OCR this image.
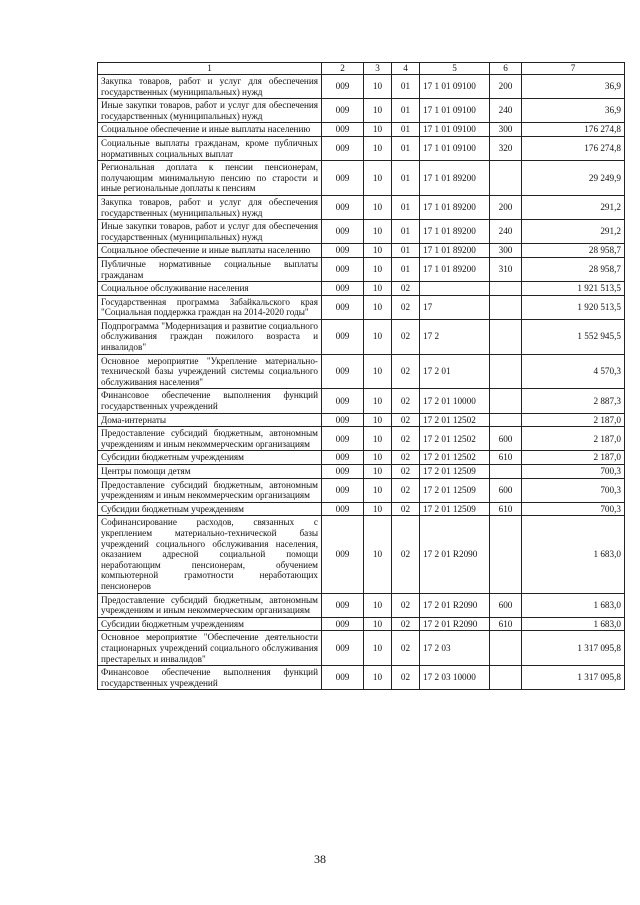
1	2	3	4	5	6	7
Закупка товаров, работ и услуг для обеспечения государственных (муниципальных) нужд	009	10	01	17 1 01 09100	200	36,9
Иные закупки товаров, работ и услуг для обеспечения государственных (муниципальных) нужд	009	10	01	17 1 01 09100	240	36,9
Социальное обеспечение и иные выплаты населению	009	10	01	17 1 01 09100	300	176 274,8
Социальные выплаты гражданам, кроме публичных нормативных социальных выплат	009	10	01	17 1 01 09100	320	176 274,8
Региональная доплата к пенсии пенсионерам, получающим минимальную пенсию по старости и иные региональные доплаты к пенсиям	009	10	01	17 1 01 89200		29 249,9
Закупка товаров, работ и услуг для обеспечения государственных (муниципальных) нужд	009	10	01	17 1 01 89200	200	291,2
Иные закупки товаров, работ и услуг для обеспечения государственных (муниципальных) нужд	009	10	01	17 1 01 89200	240	291,2
Социальное обеспечение и иные выплаты населению	009	10	01	17 1 01 89200	300	28 958,7
Публичные нормативные социальные выплаты гражданам	009	10	01	17 1 01 89200	310	28 958,7
Социальное обслуживание населения	009	10	02			1 921 513,5
Государственная программа Забайкальского края "Социальная поддержка граждан на 2014-2020 годы"	009	10	02	17		1 920 513,5
Подпрограмма "Модернизация и развитие социального обслуживания граждан пожилого возраста и инвалидов"	009	10	02	17 2		1 552 945,5
Основное мероприятие "Укрепление материально-технической базы учреждений системы социального обслуживания населения"	009	10	02	17 2 01		4 570,3
Финансовое обеспечение выполнения функций государственных учреждений	009	10	02	17 2 01 10000		2 887,3
Дома-интернаты	009	10	02	17 2 01 12502		2 187,0
Предоставление субсидий бюджетным, автономным учреждениям и иным некоммерческим организациям	009	10	02	17 2 01 12502	600	2 187,0
Субсидии бюджетным учреждениям	009	10	02	17 2 01 12502	610	2 187,0
Центры помощи детям	009	10	02	17 2 01 12509		700,3
Предоставление субсидий бюджетным, автономным учреждениям и иным некоммерческим организациям	009	10	02	17 2 01 12509	600	700,3
Субсидии бюджетным учреждениям	009	10	02	17 2 01 12509	610	700,3
Софинансирование расходов, связанных с укреплением материально-технической базы учреждений социального обслуживания населения, оказанием адресной социальной помощи неработающим пенсионерам, обучением компьютерной грамотности неработающих пенсионеров	009	10	02	17 2 01 R2090		1 683,0
Предоставление субсидий бюджетным, автономным учреждениям и иным некоммерческим организациям	009	10	02	17 2 01 R2090	600	1 683,0
Субсидии бюджетным учреждениям	009	10	02	17 2 01 R2090	610	1 683,0
Основное мероприятие "Обеспечение деятельности стационарных учреждений социального обслуживания престарелых и инвалидов"	009	10	02	17 2 03		1 317 095,8
Финансовое обеспечение выполнения функций государственных учреждений	009	10	02	17 2 03 10000		1 317 095,8
38
